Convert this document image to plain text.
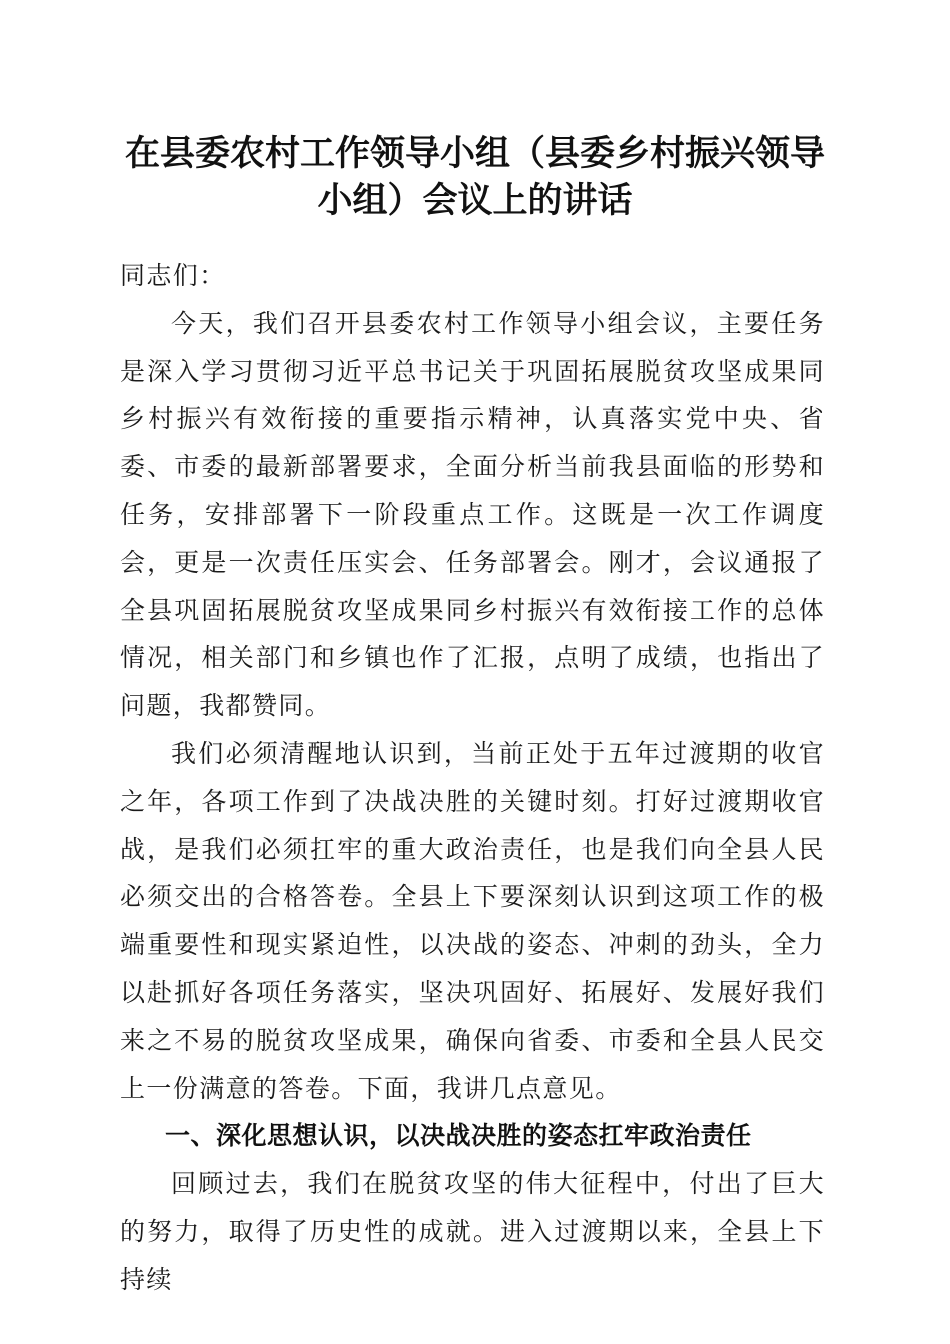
在县委农村工作领导小组（县委乡村振兴领导
小组）会议上的讲话

同志们：

今天，我们召开县委农村工作领导小组会议，主要任务是深入学习贯彻习近平总书记关于巩固拓展脱贫攻坚成果同乡村振兴有效衔接的重要指示精神，认真落实党中央、省委、市委的最新部署要求，全面分析当前我县面临的形势和任务，安排部署下一阶段重点工作。这既是一次工作调度会，更是一次责任压实会、任务部署会。刚才，会议通报了全县巩固拓展脱贫攻坚成果同乡村振兴有效衔接工作的总体情况，相关部门和乡镇也作了汇报，点明了成绩，也指出了问题，我都赞同。

我们必须清醒地认识到，当前正处于五年过渡期的收官之年，各项工作到了决战决胜的关键时刻。打好过渡期收官战，是我们必须扛牢的重大政治责任，也是我们向全县人民必须交出的合格答卷。全县上下要深刻认识到这项工作的极端重要性和现实紧迫性，以决战的姿态、冲刺的劲头，全力以赴抓好各项任务落实，坚决巩固好、拓展好、发展好我们来之不易的脱贫攻坚成果，确保向省委、市委和全县人民交上一份满意的答卷。下面，我讲几点意见。

一、深化思想认识，以决战决胜的姿态扛牢政治责任

回顾过去，我们在脱贫攻坚的伟大征程中，付出了巨大的努力，取得了历史性的成就。进入过渡期以来，全县上下持续
